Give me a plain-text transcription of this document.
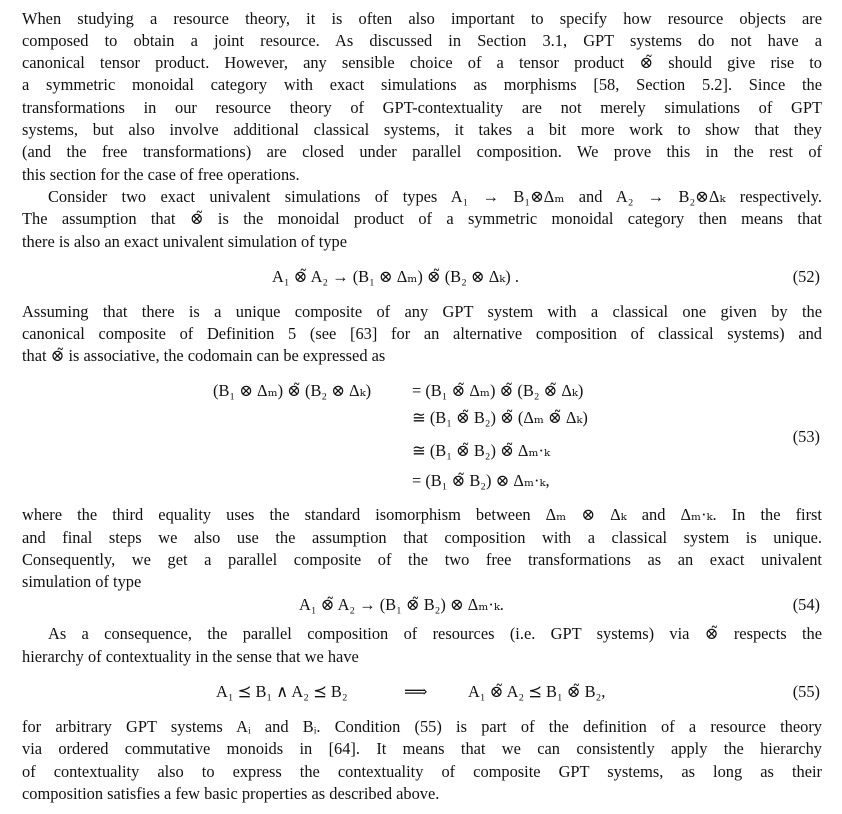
When studying a resource theory, it is often also important to specify how resource objects are
composed to obtain a joint resource. As discussed in Section 3.1, GPT systems do not have a
canonical tensor product. However, any sensible choice of a tensor product ⊗̃ should give rise to
a symmetric monoidal category with exact simulations as morphisms [58, Section 5.2]. Since the
transformations in our resource theory of GPT-contextuality are not merely simulations of GPT
systems, but also involve additional classical systems, it takes a bit more work to show that they
(and the free transformations) are closed under parallel composition. We prove this in the rest of
this section for the case of free operations.
Consider two exact univalent simulations of types A₁ → B₁⊗Δₘ and A₂ → B₂⊗Δₖ respectively.
The assumption that ⊗̃ is the monoidal product of a symmetric monoidal category then means that
there is also an exact univalent simulation of type
A₁ ⊗̃ A₂ → (B₁ ⊗ Δₘ) ⊗̃ (B₂ ⊗ Δₖ) .	(52)
Assuming that there is a unique composite of any GPT system with a classical one given by the
canonical composite of Definition 5 (see [63] for an alternative composition of classical systems) and
that ⊗̃ is associative, the codomain can be expressed as
(B₁ ⊗ Δₘ) ⊗̃ (B₂ ⊗ Δₖ) = (B₁ ⊗̃ Δₘ) ⊗̃ (B₂ ⊗̃ Δₖ)
≅ (B₁ ⊗̃ B₂) ⊗̃ (Δₘ ⊗̃ Δₖ)
≅ (B₁ ⊗̃ B₂) ⊗̃ Δₘ·ₖ
= (B₁ ⊗̃ B₂) ⊗ Δₘ·ₖ,
(53)
where the third equality uses the standard isomorphism between Δₘ ⊗ Δₖ and Δₘ·ₖ. In the first
and final steps we also use the assumption that composition with a classical system is unique.
Consequently, we get a parallel composite of the two free transformations as an exact univalent
simulation of type
A₁ ⊗̃ A₂ → (B₁ ⊗̃ B₂) ⊗ Δₘ·ₖ.	(54)
As a consequence, the parallel composition of resources (i.e. GPT systems) via ⊗̃ respects the
hierarchy of contextuality in the sense that we have
A₁ ⪯ B₁ ∧ A₂ ⪯ B₂	⟹ A₁ ⊗̃ A₂ ⪯ B₁ ⊗̃ B₂,	(55)
for arbitrary GPT systems Aᵢ and Bᵢ. Condition (55) is part of the definition of a resource theory
via ordered commutative monoids in [64]. It means that we can consistently apply the hierarchy
of contextuality also to express the contextuality of composite GPT systems, as long as their
composition satisfies a few basic properties as described above.
